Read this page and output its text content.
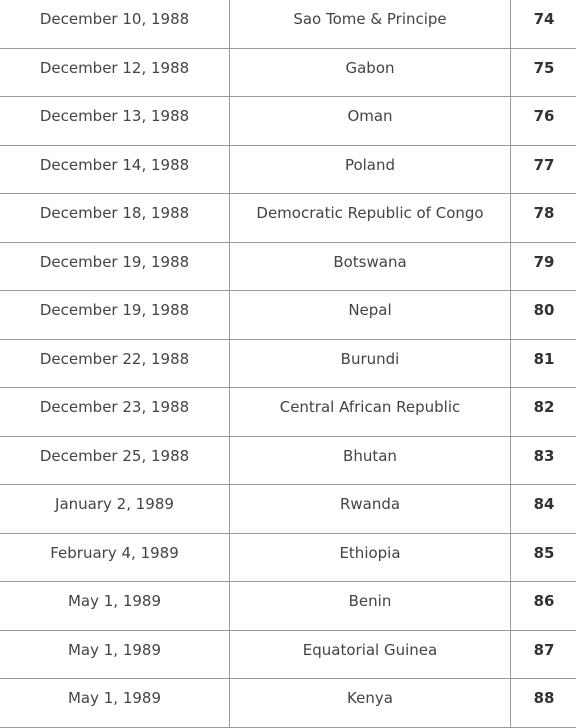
December 10, 1988	Sao Tome & Principe	74

December 12, 1988	Gabon	75

December 13, 1988	Oman	76

December 14, 1988	Poland	77

December 18, 1988	Democratic Republic of Congo	78

December 19, 1988	Botswana	79

December 19, 1988	Nepal	80

December 22, 1988	Burundi	81

December 23, 1988	Central African Republic	82

December 25, 1988	Bhutan	83

January 2, 1989	Rwanda	84

February 4, 1989	Ethiopia	85

May 1, 1989	Benin	86

May 1, 1989	Equatorial Guinea	87

May 1, 1989	Kenya	88
